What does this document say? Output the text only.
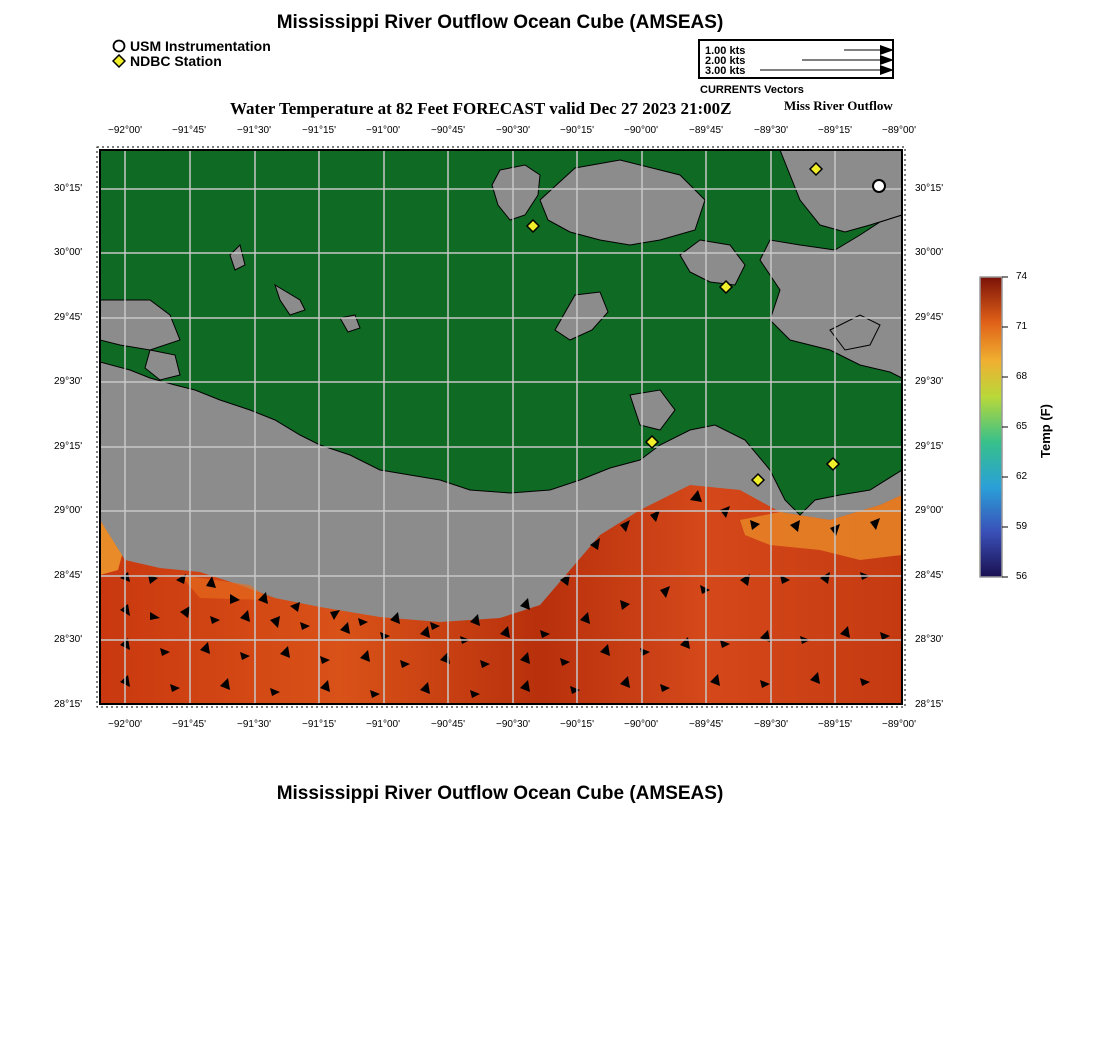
Mississippi River Outflow Ocean Cube (AMSEAS)
USM Instrumentation
NDBC Station
1.00 kts
2.00 kts
3.00 kts
CURRENTS Vectors
Water Temperature at 82 Feet FORECAST valid Dec 27 2023 21:00Z	Miss River Outflow
−92°00'	−91°45'	−91°30'	−91°15'	−91°00'	−90°45'	−90°30'	−90°15'	−90°00'	−89°45'	−89°30'	−89°15'	−89°00'
−92°00'	−91°45'	−91°30'	−91°15'	−91°00'	−90°45'	−90°30'	−90°15'	−90°00'	−89°45'	−89°30'	−89°15'	−89°00'
30°15'
30°00'
29°45'
29°30'
29°15'
29°00'
28°45'
28°30'
28°15'
30°15'
30°00'
29°45'
29°30'
29°15'
29°00'
28°45'
28°30'
28°15'
74
71
68
65
62
59
56
Temp (F)
Mississippi River Outflow Ocean Cube (AMSEAS)
